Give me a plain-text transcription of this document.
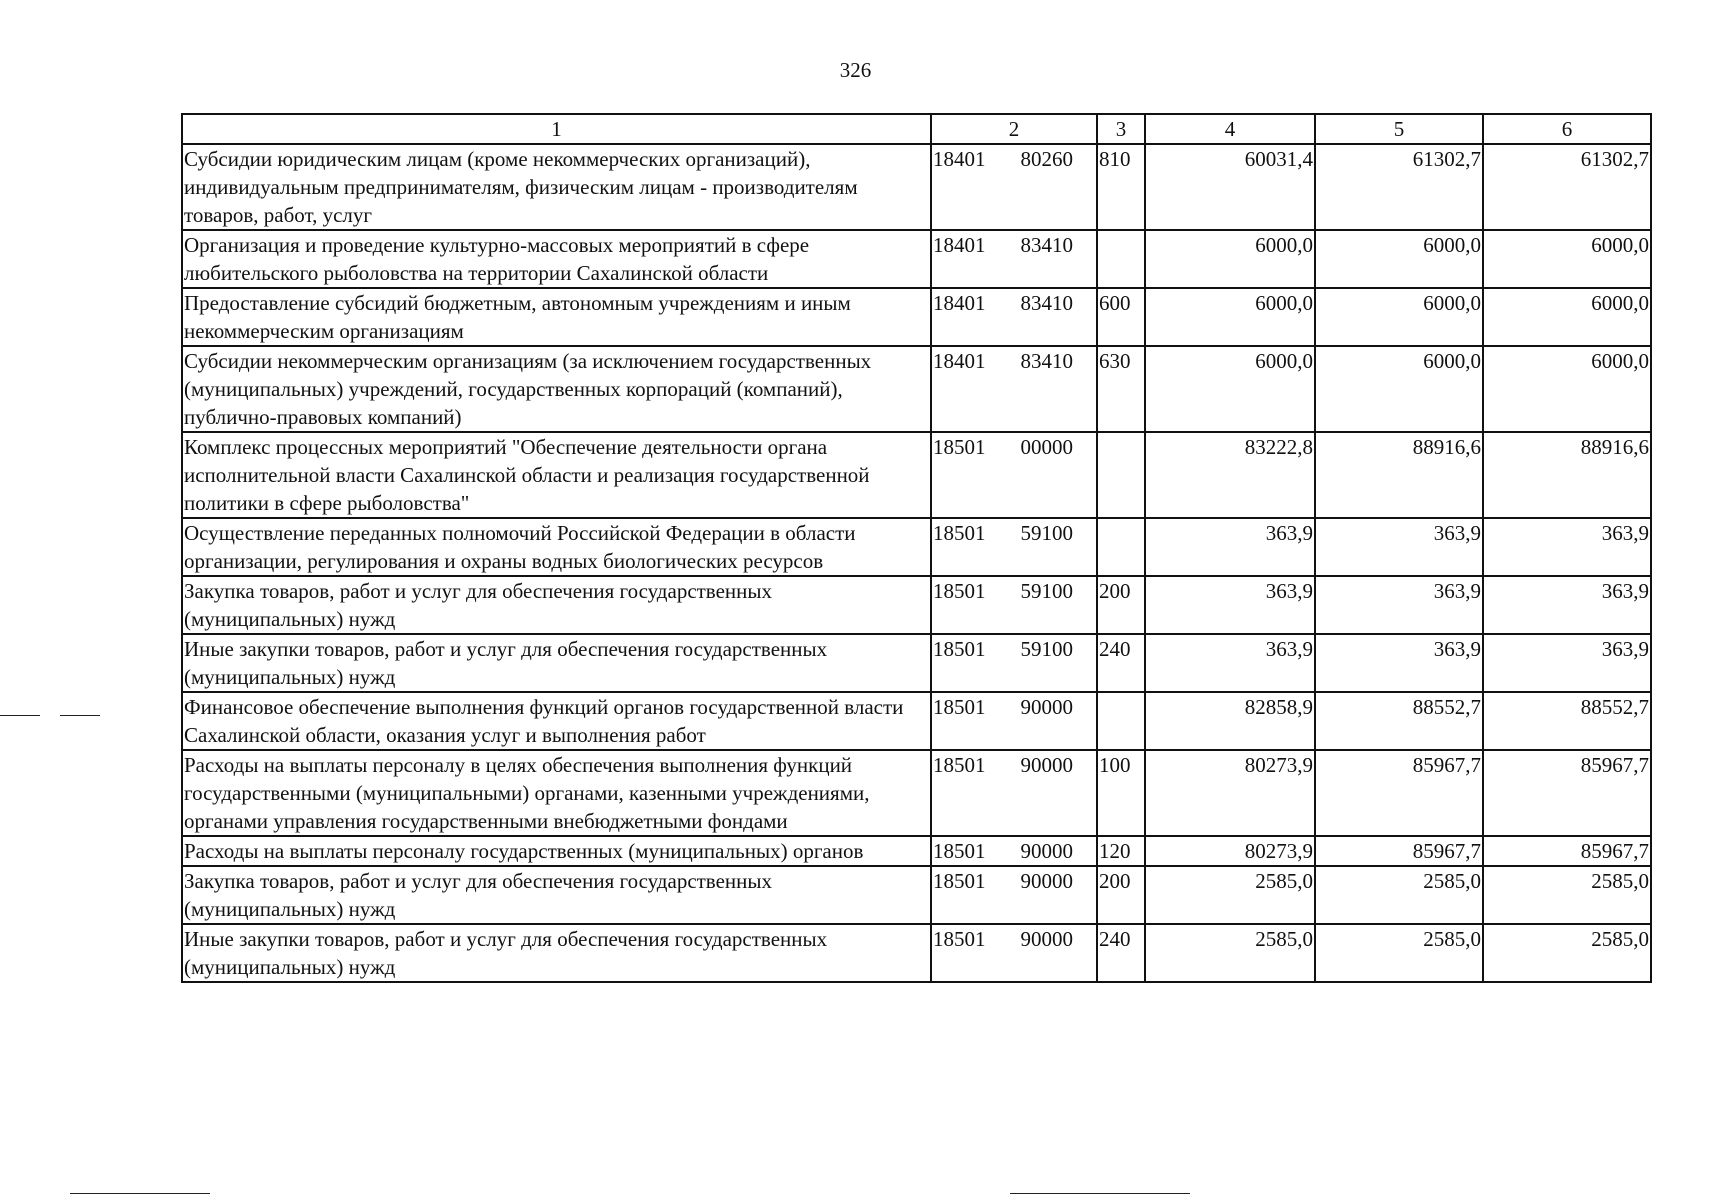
326
1	2	3	4	5	6
Субсидии юридическим лицам (кроме некоммерческих организаций), индивидуальным предпринимателям, физическим лицам - производителям товаров, работ, услуг	18401 80260	810	60031,4	61302,7	61302,7
Организация и проведение культурно-массовых мероприятий в сфере любительского рыболовства на территории Сахалинской области	18401 83410		6000,0	6000,0	6000,0
Предоставление субсидий бюджетным, автономным учреждениям и иным некоммерческим организациям	18401 83410	600	6000,0	6000,0	6000,0
Субсидии некоммерческим организациям (за исключением государственных (муниципальных) учреждений, государственных корпораций (компаний), публично-правовых компаний)	18401 83410	630	6000,0	6000,0	6000,0
Комплекс процессных мероприятий "Обеспечение деятельности органа исполнительной власти Сахалинской области и реализация государственной политики в сфере рыболовства"	18501 00000		83222,8	88916,6	88916,6
Осуществление переданных полномочий Российской Федерации в области организации, регулирования и охраны водных биологических ресурсов	18501 59100		363,9	363,9	363,9
Закупка товаров, работ и услуг для обеспечения государственных (муниципальных) нужд	18501 59100	200	363,9	363,9	363,9
Иные закупки товаров, работ и услуг для обеспечения государственных (муниципальных) нужд	18501 59100	240	363,9	363,9	363,9
Финансовое обеспечение выполнения функций органов государственной власти Сахалинской области, оказания услуг и выполнения работ	18501 90000		82858,9	88552,7	88552,7
Расходы на выплаты персоналу в целях обеспечения выполнения функций государственными (муниципальными) органами, казенными учреждениями, органами управления государственными внебюджетными фондами	18501 90000	100	80273,9	85967,7	85967,7
Расходы на выплаты персоналу государственных (муниципальных) органов	18501 90000	120	80273,9	85967,7	85967,7
Закупка товаров, работ и услуг для обеспечения государственных (муниципальных) нужд	18501 90000	200	2585,0	2585,0	2585,0
Иные закупки товаров, работ и услуг для обеспечения государственных (муниципальных) нужд	18501 90000	240	2585,0	2585,0	2585,0
